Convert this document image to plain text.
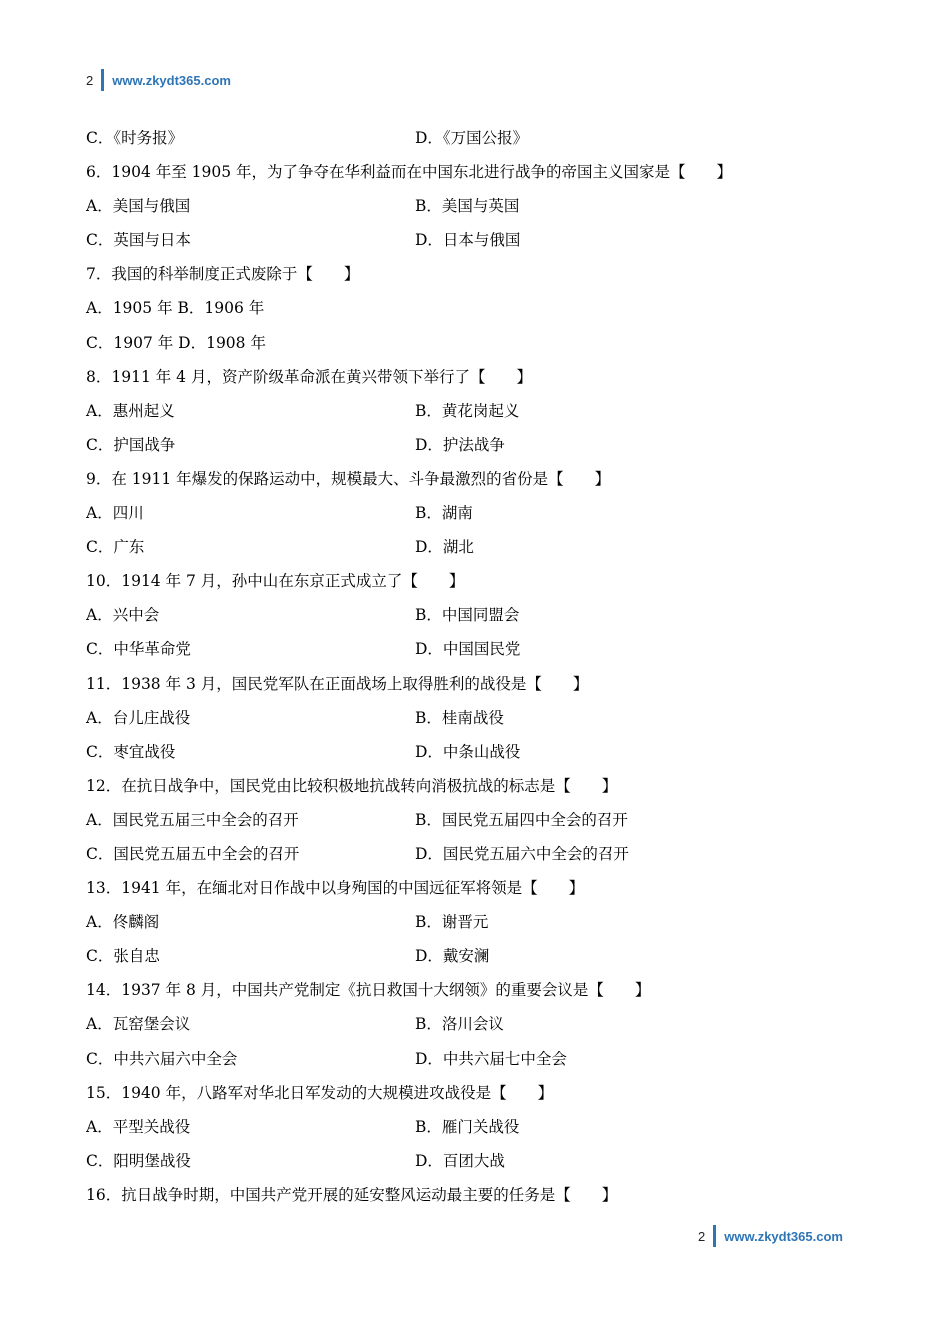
2 www.zkydt365.com
C．《时务报》	D．《万国公报》
6．1904 年至 1905 年，为了争夺在华利益而在中国东北进行战争的帝国主义国家是【　　】
A．美国与俄国	B．美国与英国
C．英国与日本	D．日本与俄国
7．我国的科举制度正式废除于【　　】
A．1905 年 B．1906 年
C．1907 年 D．1908 年
8．1911 年 4 月，资产阶级革命派在黄兴带领下举行了【　　】
A．惠州起义	B．黄花岗起义
C．护国战争	D．护法战争
9．在 1911 年爆发的保路运动中，规模最大、斗争最激烈的省份是【　　】
A．四川	B．湖南
C．广东	D．湖北
10．1914 年 7 月，孙中山在东京正式成立了【　　】
A．兴中会	B．中国同盟会
C．中华革命党	D．中国国民党
11．1938 年 3 月，国民党军队在正面战场上取得胜利的战役是【　　】
A．台儿庄战役	B．桂南战役
C．枣宜战役	D．中条山战役
12．在抗日战争中，国民党由比较积极地抗战转向消极抗战的标志是【　　】
A．国民党五届三中全会的召开	B．国民党五届四中全会的召开
C．国民党五届五中全会的召开	D．国民党五届六中全会的召开
13．1941 年，在缅北对日作战中以身殉国的中国远征军将领是【　　】
A．佟麟阁	B．谢晋元
C．张自忠	D．戴安澜
14．1937 年 8 月，中国共产党制定《抗日救国十大纲领》的重要会议是【　　】
A．瓦窑堡会议	B．洛川会议
C．中共六届六中全会	D．中共六届七中全会
15．1940 年，八路军对华北日军发动的大规模进攻战役是【　　】
A．平型关战役	B．雁门关战役
C．阳明堡战役	D．百团大战
16．抗日战争时期，中国共产党开展的延安整风运动最主要的任务是【　　】
2 www.zkydt365.com
